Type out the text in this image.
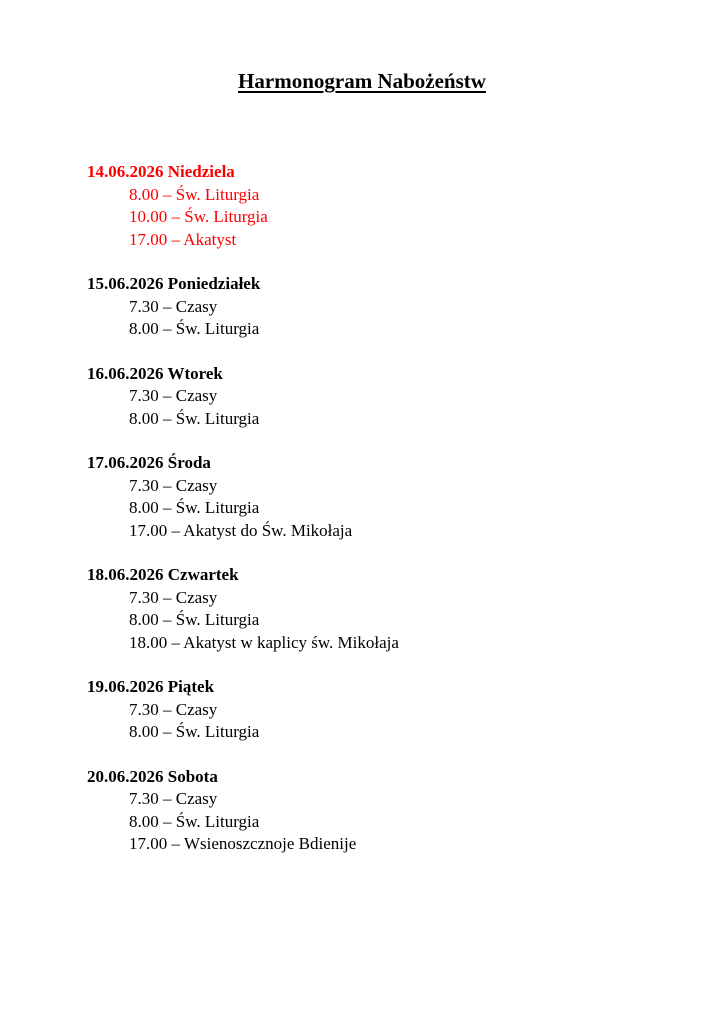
Harmonogram Nabożeństw
14.06.2026 Niedziela
8.00 – Św. Liturgia
10.00 – Św. Liturgia
17.00 – Akatyst
15.06.2026 Poniedziałek
7.30 – Czasy
8.00 – Św. Liturgia
16.06.2026 Wtorek
7.30 – Czasy
8.00 – Św. Liturgia
17.06.2026 Środa
7.30 – Czasy
8.00 – Św. Liturgia
17.00 – Akatyst do Św. Mikołaja
18.06.2026 Czwartek
7.30 – Czasy
8.00 – Św. Liturgia
18.00 – Akatyst w kaplicy św. Mikołaja
19.06.2026 Piątek
7.30 – Czasy
8.00 – Św. Liturgia
20.06.2026 Sobota
7.30 – Czasy
8.00 – Św. Liturgia
17.00 – Wsienoszcznoje Bdienije
